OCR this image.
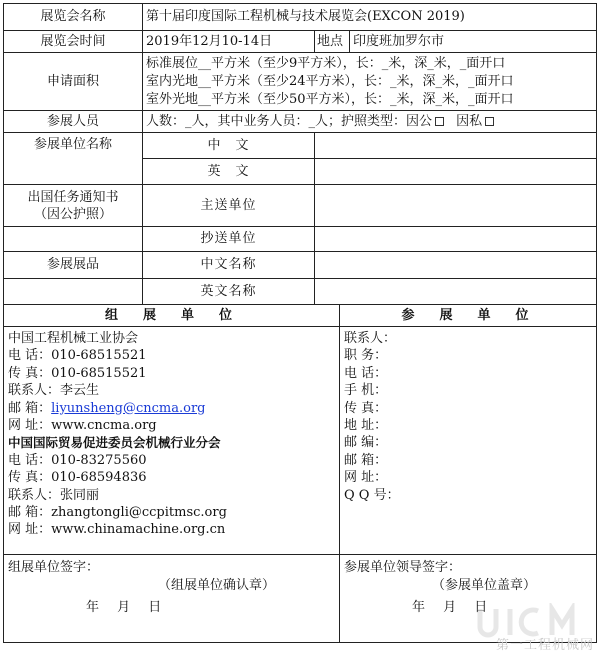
展览会名称	第十届印度国际工程机械与技术展览会(EXCON 2019)			
展览会时间	2019年12月10-14日	地点		印度班加罗尔市
申请面积	标准展位__平方米（至少9平方米），长：_米，深_米，_面开口
室内光地__平方米（至少24平方米），长：_米，深_米，_面开口
室外光地__平方米（至少50平方米），长：_米，深_米，_面开口			

参展人员	人数：_人，其中业务人员：_人；护照类型：因公 因私			
参展单位名称	中　文			
	英　文			

出国任务通知书
（因公护照）	主送单位			
	抄送单位			
参展展品	中文名称			
	英文名称			
组　展　单　位			参　展　单　位	

中国工程机械工业协会
电 话：010-68515521
传 真：010-68515521
联系人：李云生
邮 箱：liyunsheng@cncma.org
网 址：www.cncma.org
中国国际贸易促进委员会机械行业分会
电 话：010-83275560
传 真：010-68594836
联系人：张同丽
邮 箱：zhangtongli@ccpitmsc.org
网 址：www.chinamachine.org.cn

联系人：
职 务：
电 话：
手 机：
传 真：
地 址：
邮 编：
邮 箱：
网 址：
Q Q 号：

组展单位签字：
（组展单位确认章）
年 月 日

参展单位领导签字：
（参展单位盖章）
年 月 日
第一工程机械网
